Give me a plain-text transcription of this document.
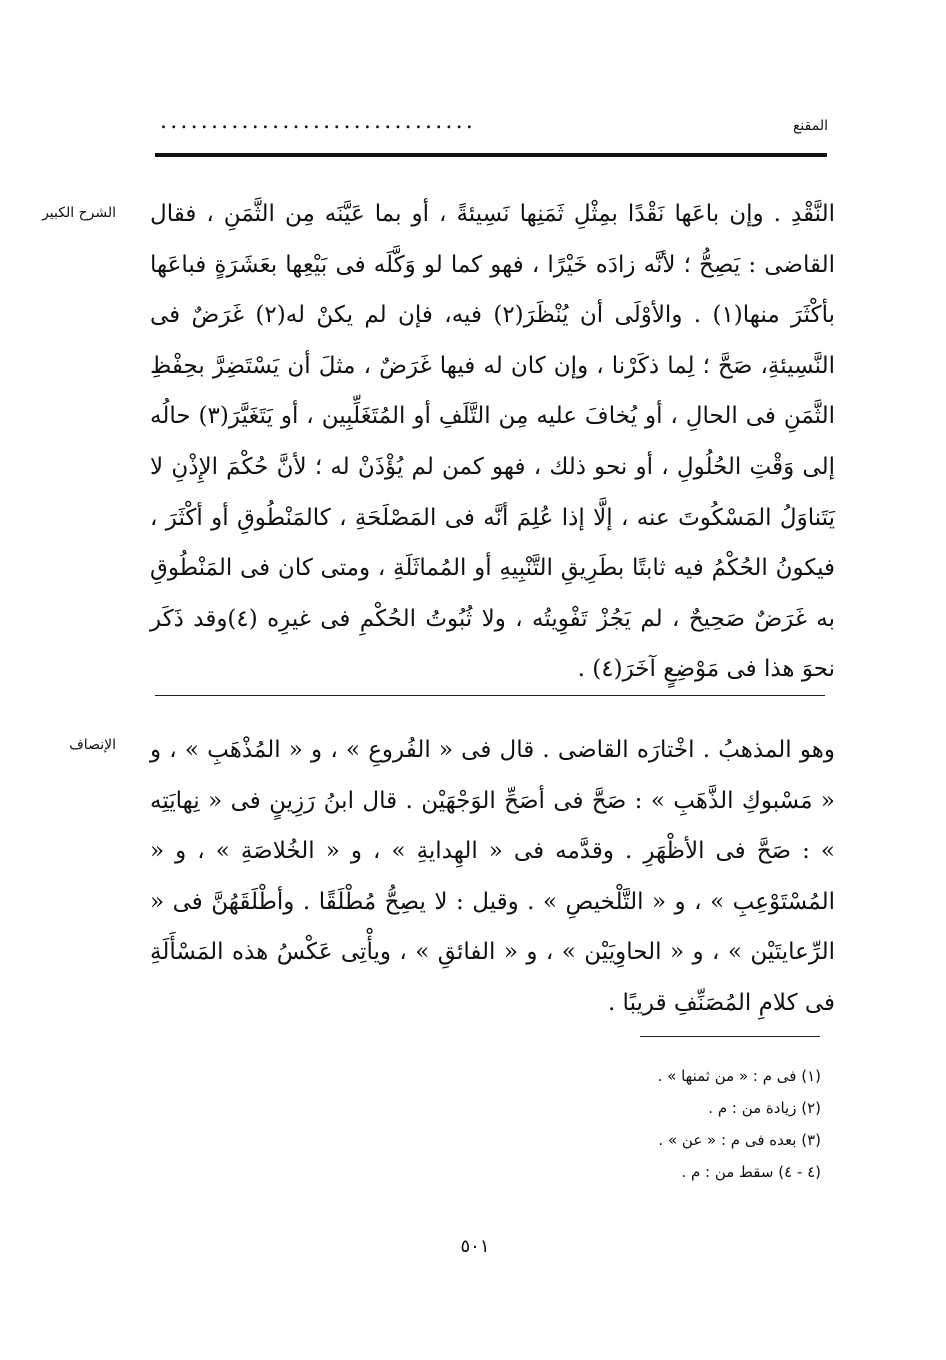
المقنع
...............................
الشرح الكبير النَّقْدِ . وإن باعَها نَقْدًا بمِثْلِ ثَمَنِها نَسِيئةً ، أو بما عَيَّنَه مِن الثَّمَنِ ، فقال القاضى : يَصِحُّ ؛ لأنَّه زادَه خَيْرًا ، فهو كما لو وَكَّلَه فى بَيْعِها بعَشَرَةٍ فباعَها بأكْثَرَ منها(١) . والأوْلَى أن يُنْظَرَ(٢) فيه، فإن لم يكنْ له(٢) غَرَضٌ فى النَّسِيئةِ، صَحَّ ؛ لِما ذكَرْنا ، وإن كان له فيها غَرَضٌ ، مثلَ أن يَسْتَضِرَّ بحِفْظِ الثَّمَنِ فى الحالِ ، أو يُخافَ عليه مِن التَّلَفِ أو المُتَغَلِّبِين ، أو يَتَغَيَّرَ(٣) حالُه إلى وَقْتِ الحُلُولِ ، أو نحو ذلك ، فهو كمن لم يُؤْذَنْ له ؛ لأنَّ حُكْمَ الإِذْنِ لا يَتَناوَلُ المَسْكُوتَ عنه ، إلَّا إذا عُلِمَ أنَّه فى المَصْلَحَةِ ، كالمَنْطُوقِ أو أكْثَرَ ، فيكونُ الحُكْمُ فيه ثابتًا بطَرِيقِ التَّنْبِيهِ أو المُماثَلَةِ ، ومتى كان فى المَنْطُوقِ به غَرَضٌ صَحِيحٌ ، لم يَجُزْ تَفْوِيتُه ، ولا ثُبُوتُ الحُكْمِ فى غيرِه (٤)وقد ذَكَر نحوَ هذا فى مَوْضِعٍ آخَرَ(٤) .

الإنصاف وهو المذهبُ . اخْتارَه القاضى . قال فى « الفُروعِ » ، و « المُذْهَبِ » ، و « مَسْبوكِ الذَّهَبِ » : صَحَّ فى أصَحِّ الوَجْهَيْن . قال ابنُ رَزِينٍ فى « نِهايَتِه » : صَحَّ فى الأظْهَرِ . وقدَّمه فى « الهِدايةِ » ، و « الخُلاصَةِ » ، و « المُسْتَوْعِبِ » ، و « التَّلْخيصِ » . وقيل : لا يصِحُّ مُطْلَقًا . وأطْلَقَهُنَّ فى « الرِّعايتَيْن » ، و « الحاوِيَيْن » ، و « الفائقِ » ، ويأْتِى عَكْسُ هذه المَسْأَلَةِ فى كلامِ المُصَنِّفِ قريبًا .

(١) فى م : « من ثمنها » .
(٢) زيادة من : م .
(٣) بعده فى م : « عن » .
(٤ - ٤) سقط من : م .
٥٠١
